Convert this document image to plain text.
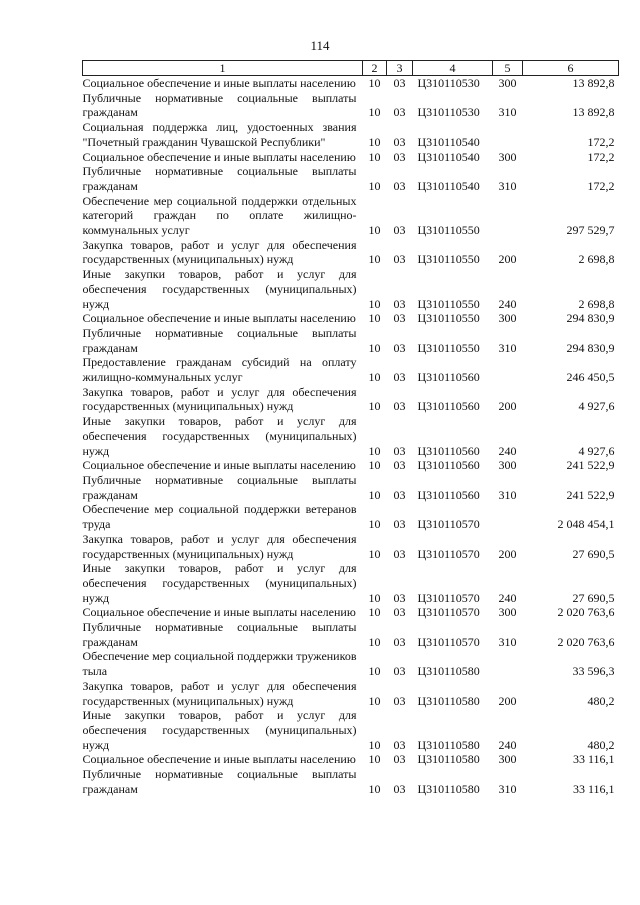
114
1	2	3	4	5	6
Социальное обеспечение и иные выплаты населению	10	03	Ц310110530	300	13 892,8
Публичные нормативные социальные выплаты гражданам	10	03	Ц310110530	310	13 892,8
Социальная поддержка лиц, удостоенных звания "Почетный гражданин Чувашской Республики"	10	03	Ц310110540		172,2
Социальное обеспечение и иные выплаты населению	10	03	Ц310110540	300	172,2
Публичные нормативные социальные выплаты гражданам	10	03	Ц310110540	310	172,2
Обеспечение мер социальной поддержки отдельных категорий граждан по оплате жилищно-коммунальных услуг	10	03	Ц310110550		297 529,7
Закупка товаров, работ и услуг для обеспечения государственных (муниципальных) нужд	10	03	Ц310110550	200	2 698,8
Иные закупки товаров, работ и услуг для обеспечения государственных (муниципальных) нужд	10	03	Ц310110550	240	2 698,8
Социальное обеспечение и иные выплаты населению	10	03	Ц310110550	300	294 830,9
Публичные нормативные социальные выплаты гражданам	10	03	Ц310110550	310	294 830,9
Предоставление гражданам субсидий на оплату жилищно-коммунальных услуг	10	03	Ц310110560		246 450,5
Закупка товаров, работ и услуг для обеспечения государственных (муниципальных) нужд	10	03	Ц310110560	200	4 927,6
Иные закупки товаров, работ и услуг для обеспечения государственных (муниципальных) нужд	10	03	Ц310110560	240	4 927,6
Социальное обеспечение и иные выплаты населению	10	03	Ц310110560	300	241 522,9
Публичные нормативные социальные выплаты гражданам	10	03	Ц310110560	310	241 522,9
Обеспечение мер социальной поддержки ветеранов труда	10	03	Ц310110570		2 048 454,1
Закупка товаров, работ и услуг для обеспечения государственных (муниципальных) нужд	10	03	Ц310110570	200	27 690,5
Иные закупки товаров, работ и услуг для обеспечения государственных (муниципальных) нужд	10	03	Ц310110570	240	27 690,5
Социальное обеспечение и иные выплаты населению	10	03	Ц310110570	300	2 020 763,6
Публичные нормативные социальные выплаты гражданам	10	03	Ц310110570	310	2 020 763,6
Обеспечение мер социальной поддержки тружеников тыла	10	03	Ц310110580		33 596,3
Закупка товаров, работ и услуг для обеспечения государственных (муниципальных) нужд	10	03	Ц310110580	200	480,2
Иные закупки товаров, работ и услуг для обеспечения государственных (муниципальных) нужд	10	03	Ц310110580	240	480,2
Социальное обеспечение и иные выплаты населению	10	03	Ц310110580	300	33 116,1
Публичные нормативные социальные выплаты гражданам	10	03	Ц310110580	310	33 116,1
